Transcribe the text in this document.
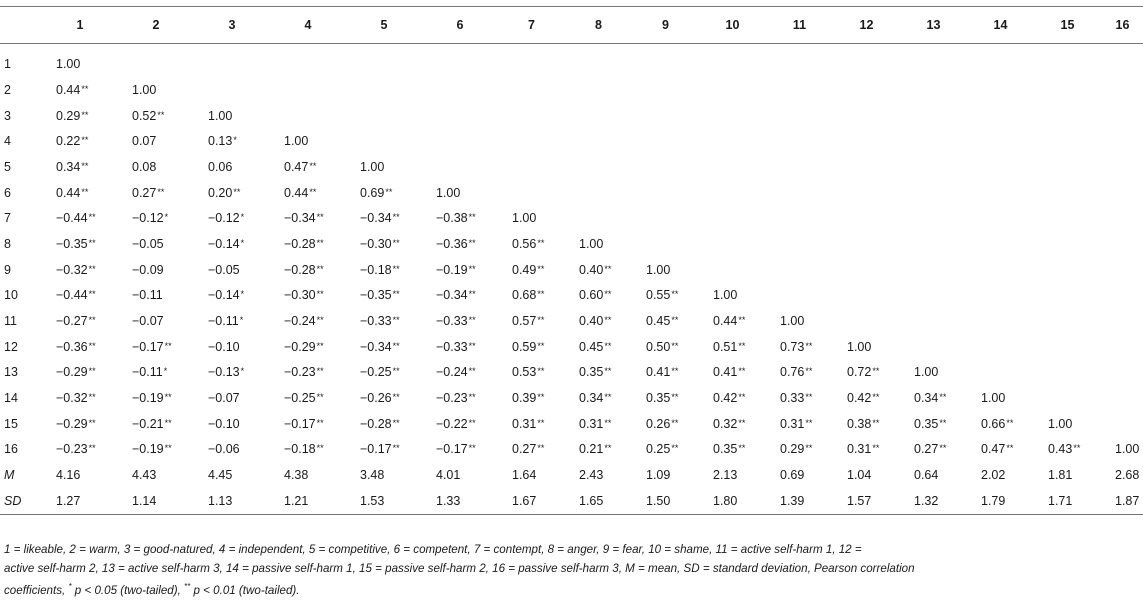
	1	2	3	4	5	6	7	8	9	10	11	12	13	14	15	16
1	1.00															
2	0.44**	1.00														
3	0.29**	0.52**	1.00													
4	0.22**	0.07	0.13*	1.00												
5	0.34**	0.08	0.06	0.47**	1.00											
6	0.44**	0.27**	0.20**	0.44**	0.69**	1.00										
7	−0.44**	−0.12*	−0.12*	−0.34**	−0.34**	−0.38**	1.00									
8	−0.35**	−0.05	−0.14*	−0.28**	−0.30**	−0.36**	0.56**	1.00								
9	−0.32**	−0.09	−0.05	−0.28**	−0.18**	−0.19**	0.49**	0.40**	1.00							
10	−0.44**	−0.11	−0.14*	−0.30**	−0.35**	−0.34**	0.68**	0.60**	0.55**	1.00						
11	−0.27**	−0.07	−0.11*	−0.24**	−0.33**	−0.33**	0.57**	0.40**	0.45**	0.44**	1.00					
12	−0.36**	−0.17**	−0.10	−0.29**	−0.34**	−0.33**	0.59**	0.45**	0.50**	0.51**	0.73**	1.00				
13	−0.29**	−0.11*	−0.13*	−0.23**	−0.25**	−0.24**	0.53**	0.35**	0.41**	0.41**	0.76**	0.72**	1.00			
14	−0.32**	−0.19**	−0.07	−0.25**	−0.26**	−0.23**	0.39**	0.34**	0.35**	0.42**	0.33**	0.42**	0.34**	1.00		
15	−0.29**	−0.21**	−0.10	−0.17**	−0.28**	−0.22**	0.31**	0.31**	0.26**	0.32**	0.31**	0.38**	0.35**	0.66**	1.00	
16	−0.23**	−0.19**	−0.06	−0.18**	−0.17**	−0.17**	0.27**	0.21**	0.25**	0.35**	0.29**	0.31**	0.27**	0.47**	0.43**	1.00
M	4.16	4.43	4.45	4.38	3.48	4.01	1.64	2.43	1.09	2.13	0.69	1.04	0.64	2.02	1.81	2.68
SD	1.27	1.14	1.13	1.21	1.53	1.33	1.67	1.65	1.50	1.80	1.39	1.57	1.32	1.79	1.71	1.87
1 = likeable, 2 = warm, 3 = good-natured, 4 = independent, 5 = competitive, 6 = competent, 7 = contempt, 8 = anger, 9 = fear, 10 = shame, 11 = active self-harm 1, 12 =
active self-harm 2, 13 = active self-harm 3, 14 = passive self-harm 1, 15 = passive self-harm 2, 16 = passive self-harm 3, M = mean, SD = standard deviation, Pearson correlation
coefficients, * p < 0.05 (two-tailed), ** p < 0.01 (two-tailed).
